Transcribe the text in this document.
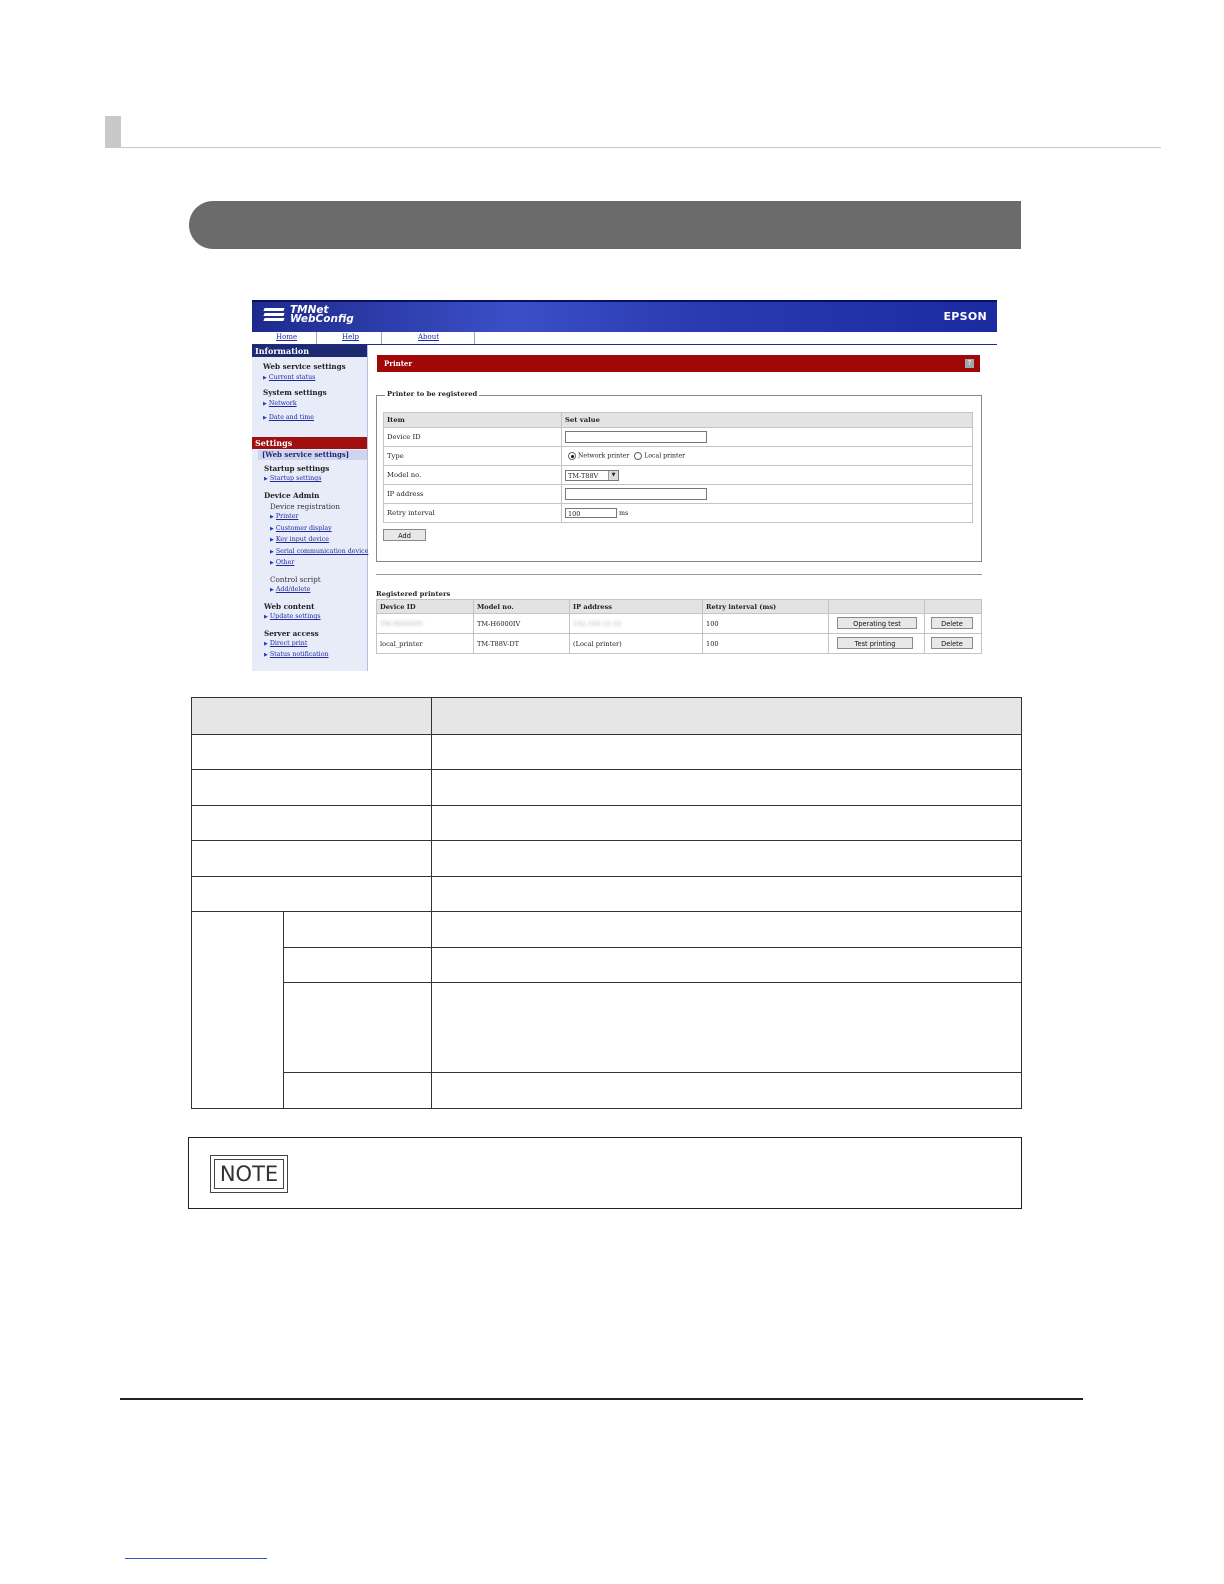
TMNet
WebConfig	EPSON
Home	Help	About
Information
Web service settings
▶ Current status
System settings
▶ Network
▶ Date and time
Settings
[Web service settings]
Startup settings
▶ Startup settings
Device Admin
Device registration
▶ Printer
▶ Customer display
▶ Key input device
▶ Serial communication device
▶ Other
Control script
▶ Add/delete
Web content
▶ Update settings
Server access
▶ Direct print
▶ Status notification
Printer	?
Printer to be registered
Item	Set value
Device ID	
Type	Network printer Local printer
Model no.	TM-T88V ▼

IP address	
Retry interval	100 ms
Add
Registered printers
Device ID	Model no.	IP address	Retry interval (ms)		
TM-H6000IV	TM-H6000IV	192.168.10.10	100	Operating test	Delete

local_printer	TM-T88V-DT	(Local printer)	100	Test printing	Delete

NOTE
